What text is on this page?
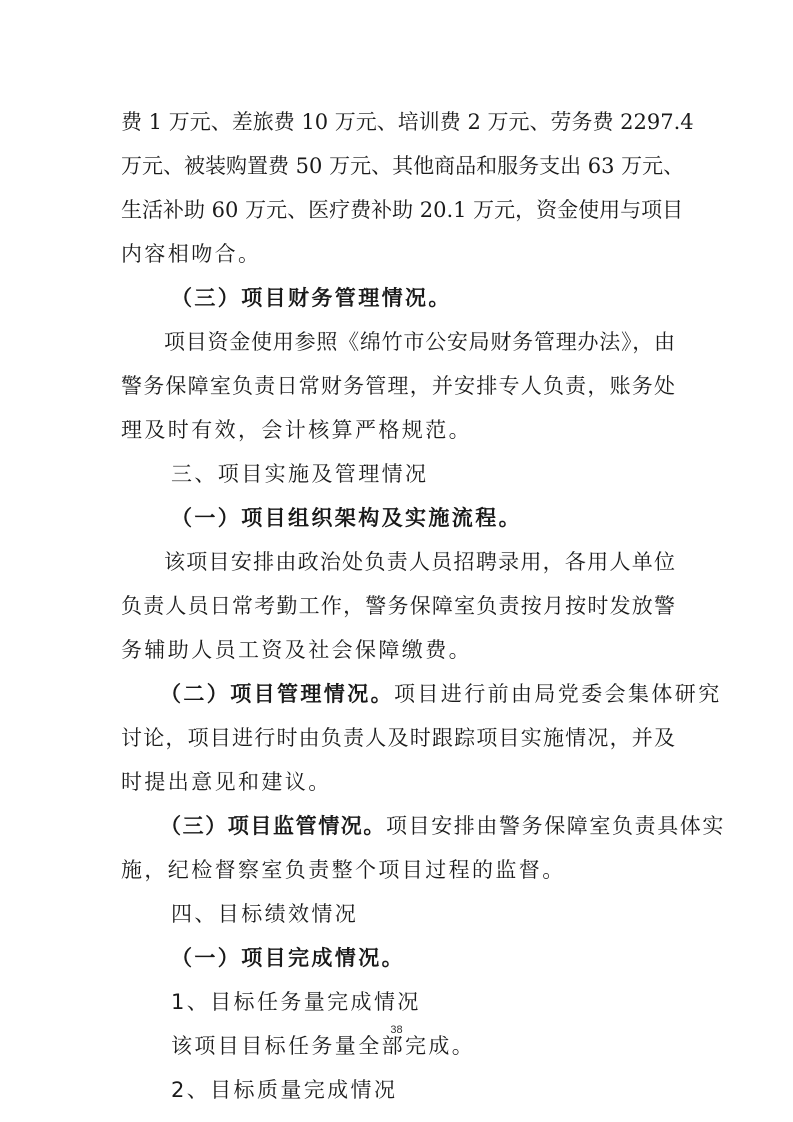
费 1 万元、差旅费 10 万元、培训费 2 万元、劳务费 2297.4
万元、被装购置费 50 万元、其他商品和服务支出 63 万元、
生活补助 60 万元、医疗费补助 20.1 万元，资金使用与项目
内容相吻合。
（三）项目财务管理情况。
项目资金使用参照《绵竹市公安局财务管理办法》，由
警务保障室负责日常财务管理，并安排专人负责，账务处
理及时有效，会计核算严格规范。
三、项目实施及管理情况
（一）项目组织架构及实施流程。
该项目安排由政治处负责人员招聘录用，各用人单位
负责人员日常考勤工作，警务保障室负责按月按时发放警
务辅助人员工资及社会保障缴费。
（二）项目管理情况。项目进行前由局党委会集体研究
讨论，项目进行时由负责人及时跟踪项目实施情况，并及
时提出意见和建议。
（三）项目监管情况。项目安排由警务保障室负责具体实
施，纪检督察室负责整个项目过程的监督。
四、目标绩效情况
（一）项目完成情况。
1、目标任务量完成情况
该项目目标任务量全部完成。
2、目标质量完成情况
38
